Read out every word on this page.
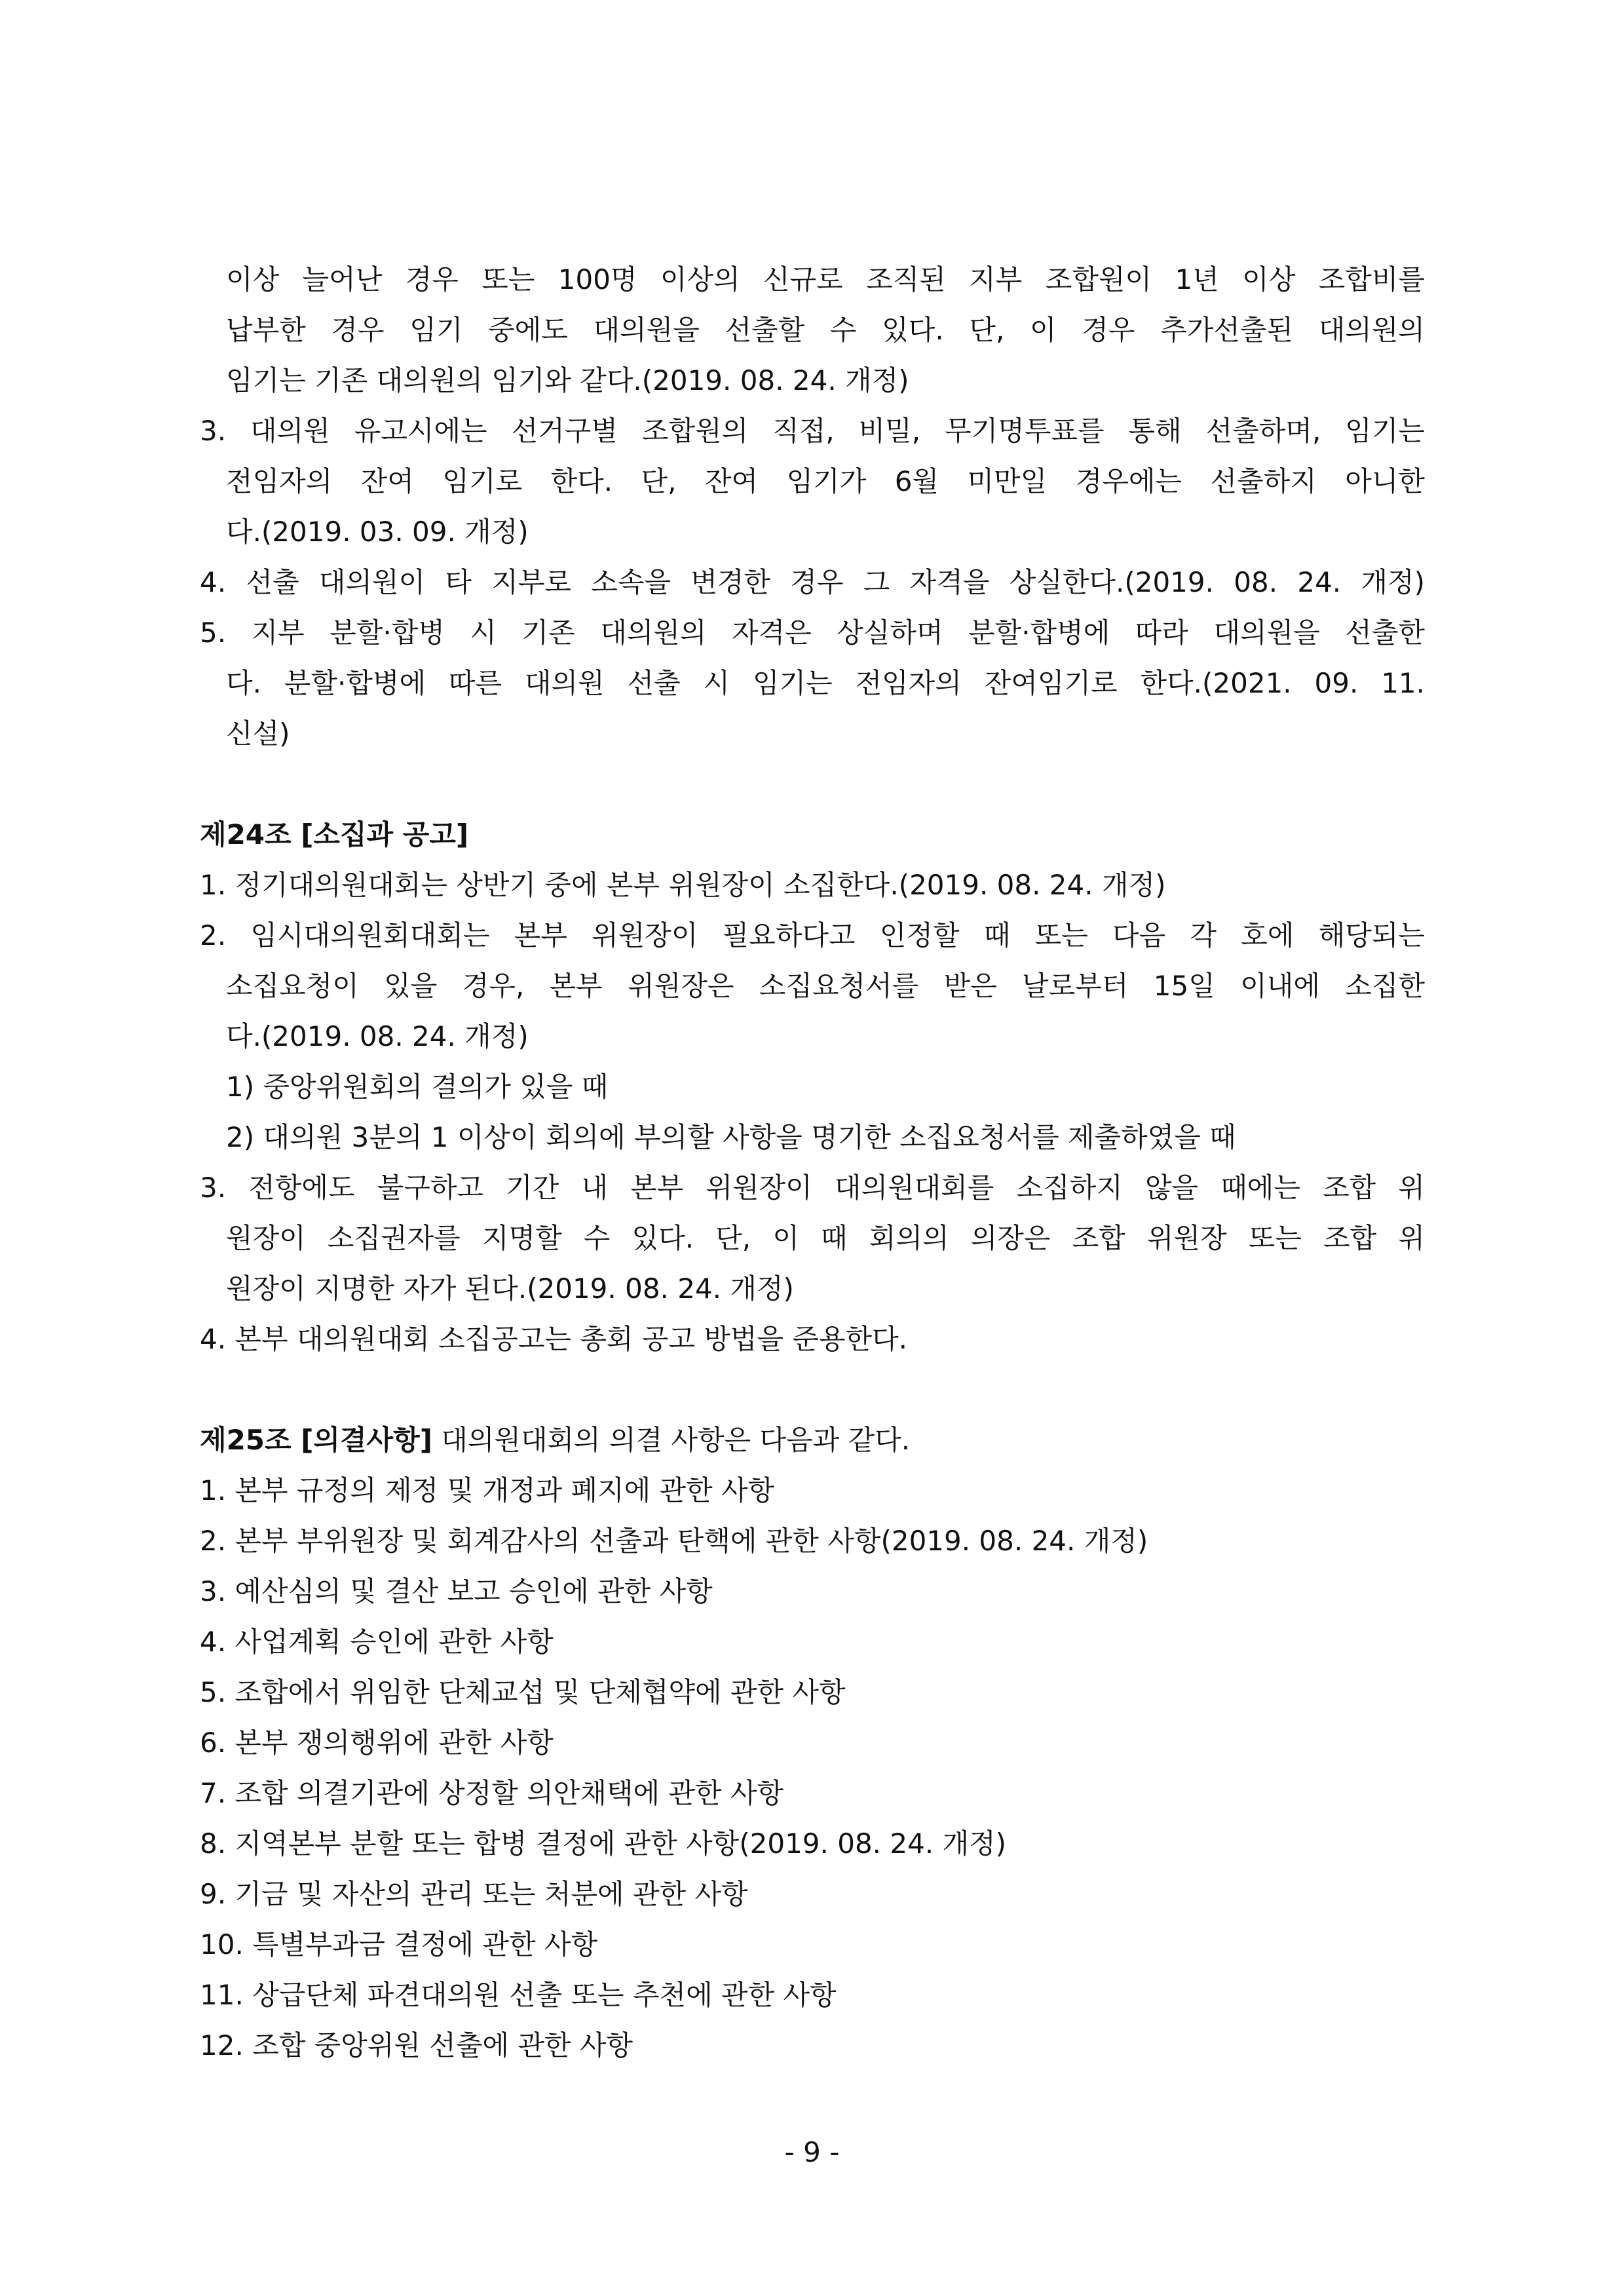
이상 늘어난 경우 또는 100명 이상의 신규로 조직된 지부 조합원이 1년 이상 조합비를
납부한 경우 임기 중에도 대의원을 선출할 수 있다. 단, 이 경우 추가선출된 대의원의
임기는 기존 대의원의 임기와 같다.(2019. 08. 24. 개정)
3. 대의원 유고시에는 선거구별 조합원의 직접, 비밀, 무기명투표를 통해 선출하며, 임기는
전임자의 잔여 임기로 한다. 단, 잔여 임기가 6월 미만일 경우에는 선출하지 아니한
다.(2019. 03. 09. 개정)
4. 선출 대의원이 타 지부로 소속을 변경한 경우 그 자격을 상실한다.(2019. 08. 24. 개정)
5. 지부 분할·합병 시 기존 대의원의 자격은 상실하며 분할·합병에 따라 대의원을 선출한
다. 분할·합병에 따른 대의원 선출 시 임기는 전임자의 잔여임기로 한다.(2021. 09. 11.
신설)
제24조 [소집과 공고]
1. 정기대의원대회는 상반기 중에 본부 위원장이 소집한다.(2019. 08. 24. 개정)
2. 임시대의원회대회는 본부 위원장이 필요하다고 인정할 때 또는 다음 각 호에 해당되는
소집요청이 있을 경우, 본부 위원장은 소집요청서를 받은 날로부터 15일 이내에 소집한
다.(2019. 08. 24. 개정)
1) 중앙위원회의 결의가 있을 때
2) 대의원 3분의 1 이상이 회의에 부의할 사항을 명기한 소집요청서를 제출하였을 때
3. 전항에도 불구하고 기간 내 본부 위원장이 대의원대회를 소집하지 않을 때에는 조합 위
원장이 소집권자를 지명할 수 있다. 단, 이 때 회의의 의장은 조합 위원장 또는 조합 위
원장이 지명한 자가 된다.(2019. 08. 24. 개정)
4. 본부 대의원대회 소집공고는 총회 공고 방법을 준용한다.
제25조 [의결사항] 대의원대회의 의결 사항은 다음과 같다.
1. 본부 규정의 제정 및 개정과 폐지에 관한 사항
2. 본부 부위원장 및 회계감사의 선출과 탄핵에 관한 사항(2019. 08. 24. 개정)
3. 예산심의 및 결산 보고 승인에 관한 사항
4. 사업계획 승인에 관한 사항
5. 조합에서 위임한 단체교섭 및 단체협약에 관한 사항
6. 본부 쟁의행위에 관한 사항
7. 조합 의결기관에 상정할 의안채택에 관한 사항
8. 지역본부 분할 또는 합병 결정에 관한 사항(2019. 08. 24. 개정)
9. 기금 및 자산의 관리 또는 처분에 관한 사항
10. 특별부과금 결정에 관한 사항
11. 상급단체 파견대의원 선출 또는 추천에 관한 사항
12. 조합 중앙위원 선출에 관한 사항
- 9 -
